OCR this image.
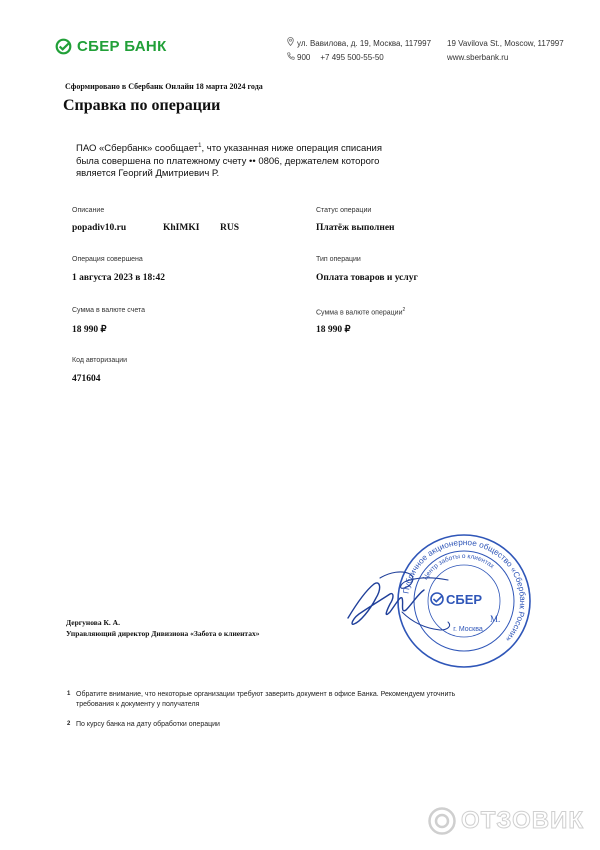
СБЕР БАНК	ул. Вавилова, д. 19, Москва, 117997
900 +7 495 500-55-50
19 Vavilova St., Moscow, 117997
www.sberbank.ru
Сформировано в Сбербанк Онлайн 18 марта 2024 года
Справка по операции
ПАО «Сбербанк» сообщает$^1$, что указанная ниже операция списания была совершена по платежному счету •• 0806, держателем которого является Георгий Дмитриевич Р.
Описание
popadiv10.ru	KhIMKI RUS
Операция совершена
1 августа 2023 в 18:42
Сумма в валюте счета
18 990 ₽
Код авторизации
471604
Статус операции
Платёж выполнен
Тип операции
Оплата товаров и услуг
Сумма в валюте операции$^2$
18 990 ₽
Публичное акционерное общество «Сбербанк России»
Центр заботы о клиентах
СБЕР
г. Москва
М.
Дергунова К. А.
Управляющий директор Дивизиона «Забота о клиентах»
1 Обратите внимание, что некоторые организации требуют заверить документ в офисе Банка. Рекомендуем уточнить требования к документу у получателя
2 По курсу банка на дату обработки операции
ОТЗОВИК
